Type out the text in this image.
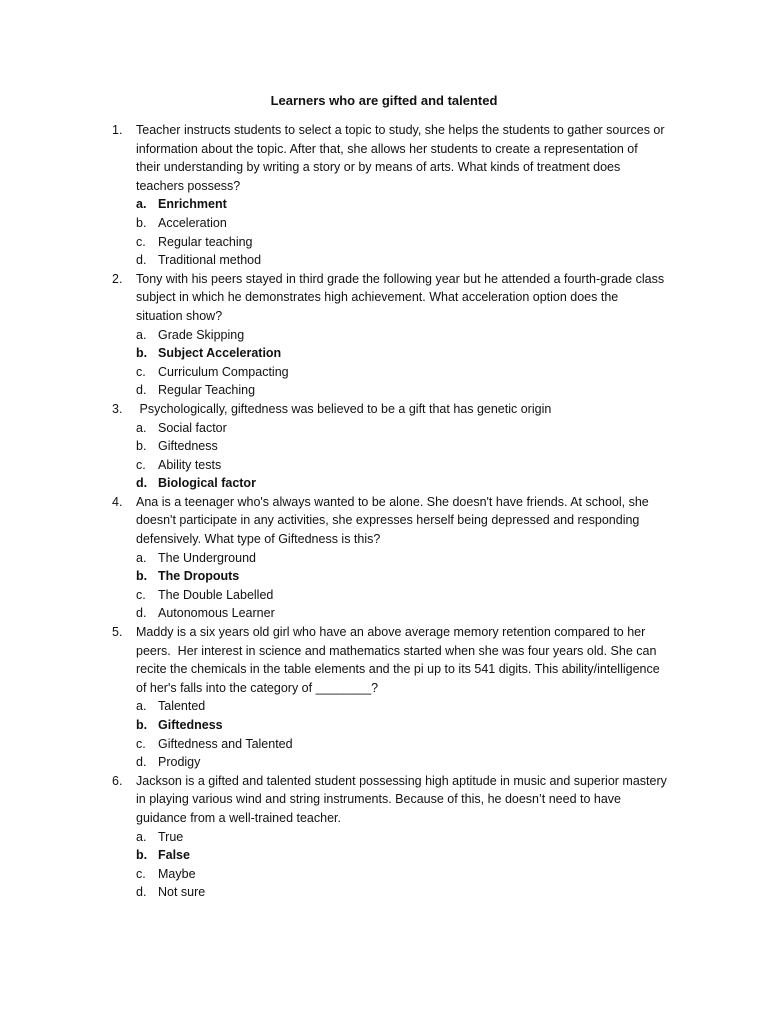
Learners who are gifted and talented
1.	Teacher instructs students to select a topic to study, she helps the students to gather sources or
information about the topic. After that, she allows her students to create a representation of
their understanding by writing a story or by means of arts. What kinds of treatment does
teachers possess?
a. Enrichment
b. Acceleration
c. Regular teaching
d. Traditional method
2.	Tony with his peers stayed in third grade the following year but he attended a fourth-grade class
subject in which he demonstrates high achievement. What acceleration option does the
situation show?
a. Grade Skipping
b. Subject Acceleration
c. Curriculum Compacting
d. Regular Teaching
3.	Psychologically, giftedness was believed to be a gift that has genetic origin
a. Social factor
b. Giftedness
c. Ability tests
d. Biological factor
4.	Ana is a teenager who's always wanted to be alone. She doesn't have friends. At school, she
doesn't participate in any activities, she expresses herself being depressed and responding
defensively. What type of Giftedness is this?
a. The Underground
b. The Dropouts
c. The Double Labelled
d. Autonomous Learner
5.	Maddy is a six years old girl who have an above average memory retention compared to her
peers.  Her interest in science and mathematics started when she was four years old. She can
recite the chemicals in the table elements and the pi up to its 541 digits. This ability/intelligence
of her's falls into the category of ________?
a. Talented
b. Giftedness
c. Giftedness and Talented
d. Prodigy
6.	Jackson is a gifted and talented student possessing high aptitude in music and superior mastery
in playing various wind and string instruments. Because of this, he doesn’t need to have
guidance from a well-trained teacher.
a. True
b. False
c. Maybe
d. Not sure
